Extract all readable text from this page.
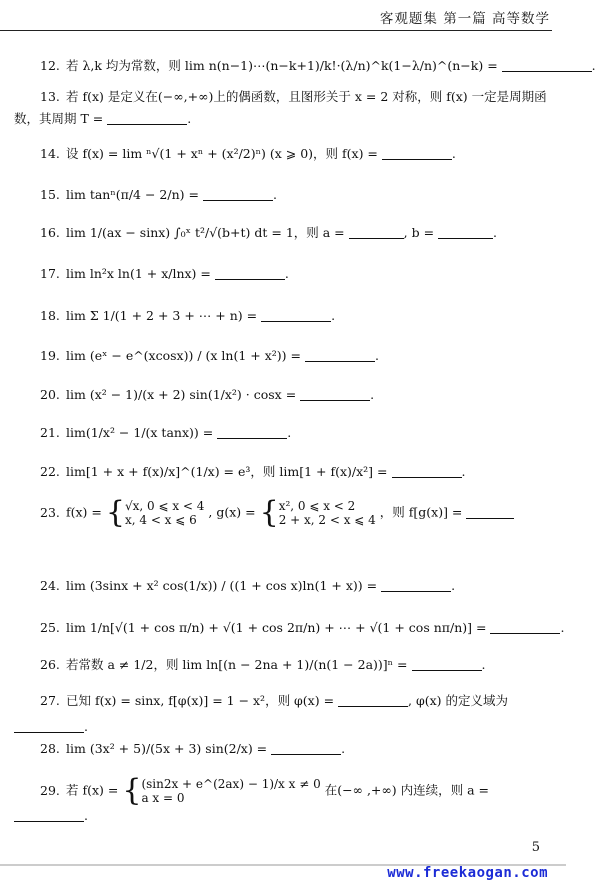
客观题集 第一篇 高等数学
12. 若 λ,k 均为常数，则 lim n(n−1)⋯(n−k+1)/k!·(λ/n)^k(1−λ/n)^(n−k) =	.
13. 若 f(x) 是定义在(−∞,+∞)上的偶函数，且图形关于 x = 2 对称，则 f(x) 一定是周期函数，其周期 T =	.
14. 设 f(x) = lim ⁿ√(1 + xⁿ + (x²/2)ⁿ) (x ⩾ 0)，则 f(x) =	.
15. lim tanⁿ(π/4 − 2/n) =	.
16. lim 1/(ax − sinx) ∫₀ˣ t²/√(b+t) dt = 1，则 a =	, b =	.
17. lim ln²x ln(1 + x/lnx) =	.
18. lim Σ 1/(1 + 2 + 3 + ⋯ + n) =	.
19. lim (eˣ − e^(xcosx)) / (x ln(1 + x²)) =	.
20. lim (x² − 1)/(x + 2) sin(1/x²) · cosx =	.
21. lim(1/x² − 1/(x tanx)) =	.
22. lim[1 + x + f(x)/x]^(1/x) = e³，则 lim[1 + f(x)/x²] =	.
23. f(x) = {√x, 0 ⩽ x < 4
x, 4 < x ⩽ 6 , g(x) = {x², 0 ⩽ x < 2
2 + x, 2 < x ⩽ 4 ，则 f[g(x)] =
24. lim (3sinx + x² cos(1/x)) / ((1 + cos x)ln(1 + x)) =	.
25. lim 1/n[√(1 + cos π/n) + √(1 + cos 2π/n) + ⋯ + √(1 + cos nπ/n)] =	.
26. 若常数 a ≠ 1/2，则 lim ln[(n − 2na + 1)/(n(1 − 2a))]ⁿ =	.
27. 已知 f(x) = sinx, f[φ(x)] = 1 − x²，则 φ(x) =	, φ(x) 的定义域为
.
28. lim (3x² + 5)/(5x + 3) sin(2/x) =	.
29. 若 f(x) = {(sin2x + e^(2ax) − 1)/x x ≠ 0
a x = 0 在(−∞ ,+∞) 内连续，则 a =
.
5
www.freekaogan.com
